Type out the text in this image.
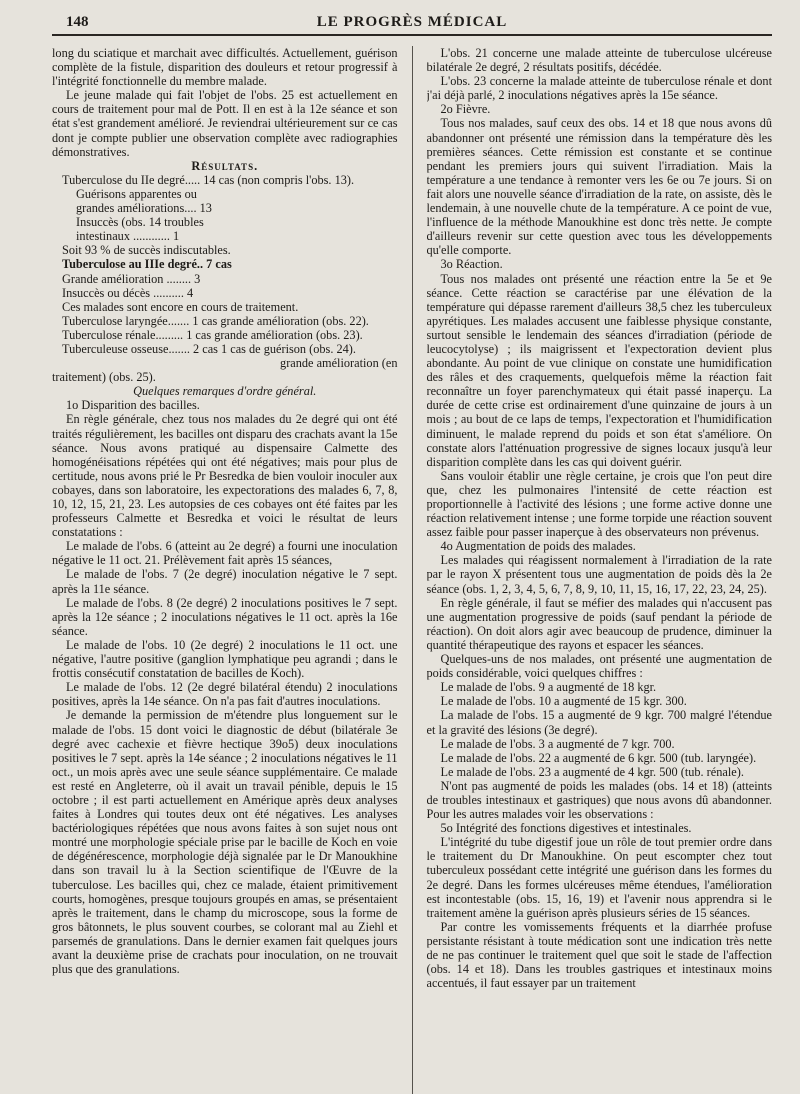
148	LE PROGRÈS MÉDICAL

long du sciatique et marchait avec difficultés. Actuellement, guérison complète de la fistule, disparition des douleurs et retour progressif à l'intégrité fonctionnelle du membre malade.

Le jeune malade qui fait l'objet de l'obs. 25 est actuellement en cours de traitement pour mal de Pott. Il en est à la 12e séance et son état s'est grandement amélioré. Je reviendrai ultérieurement sur ce cas dont je compte publier une observation complète avec radiographies démonstratives.

Résultats.

Tuberculose du IIe degré..... 14 cas (non compris l'obs. 13).

Guérisons apparentes ou

grandes améliorations.... 13

Insuccès (obs. 14 troubles

intestinaux ............ 1

Soit 93 % de succès indiscutables.

Tuberculose au IIIe degré.. 7 cas

Grande amélioration ........ 3

Insuccès ou décès .......... 4

Ces malades sont encore en cours de traitement.

Tuberculose laryngée....... 1 cas grande amélioration (obs. 22).

Tuberculose rénale......... 1 cas grande amélioration (obs. 23).

Tuberculeuse osseuse....... 2 cas 1 cas de guérison (obs. 24).

grande amélioration (en

traitement) (obs. 25).

Quelques remarques d'ordre général.

1o Disparition des bacilles.

En règle générale, chez tous nos malades du 2e degré qui ont été traités régulièrement, les bacilles ont disparu des crachats avant la 15e séance. Nous avons pratiqué au dispensaire Calmette des homogénéisations répétées qui ont été négatives; mais pour plus de certitude, nous avons prié le Pr Besredka de bien vouloir inoculer aux cobayes, dans son laboratoire, les expectorations des malades 6, 7, 8, 10, 12, 15, 21, 23. Les autopsies de ces cobayes ont été faites par les professeurs Calmette et Besredka et voici le résultat de leurs constatations :

Le malade de l'obs. 6 (atteint au 2e degré) a fourni une inoculation négative le 11 oct. 21. Prélèvement fait après 15 séances,

Le malade de l'obs. 7 (2e degré) inoculation négative le 7 sept. après la 11e séance.

Le malade de l'obs. 8 (2e degré) 2 inoculations positives le 7 sept. après la 12e séance ; 2 inoculations négatives le 11 oct. après la 16e séance.

Le malade de l'obs. 10 (2e degré) 2 inoculations le 11 oct. une négative, l'autre positive (ganglion lymphatique peu agrandi ; dans le frottis consécutif constatation de bacilles de Koch).

Le malade de l'obs. 12 (2e degré bilatéral étendu) 2 inoculations positives, après la 14e séance. On n'a pas fait d'autres inoculations.

Je demande la permission de m'étendre plus longuement sur le malade de l'obs. 15 dont voici le diagnostic de début (bilatérale 3e degré avec cachexie et fièvre hectique 39o5) deux inoculations positives le 7 sept. après la 14e séance ; 2 inoculations négatives le 11 oct., un mois après avec une seule séance supplémentaire. Ce malade est resté en Angleterre, où il avait un travail pénible, depuis le 15 octobre ; il est parti actuellement en Amérique après deux analyses faites à Londres qui toutes deux ont été négatives. Les analyses bactériologiques répétées que nous avons faites à son sujet nous ont montré une morphologie spéciale prise par le bacille de Koch en voie de dégénérescence, morphologie déjà signalée par le Dr Manoukhine dans son travail lu à la Section scientifique de l'Œuvre de la tuberculose. Les bacilles qui, chez ce malade, étaient primitivement courts, homogènes, presque toujours groupés en amas, se présentaient après le traitement, dans le champ du microscope, sous la forme de gros bâtonnets, le plus souvent courbes, se colorant mal au Ziehl et parsemés de granulations. Dans le dernier examen fait quelques jours avant la deuxième prise de crachats pour inoculation, on ne trouvait plus que des granulations.

L'obs. 21 concerne une malade atteinte de tuberculose ulcéreuse bilatérale 2e degré, 2 résultats positifs, décédée.

L'obs. 23 concerne la malade atteinte de tuberculose rénale et dont j'ai déjà parlé, 2 inoculations négatives après la 15e séance.

2o Fièvre.

Tous nos malades, sauf ceux des obs. 14 et 18 que nous avons dû abandonner ont présenté une rémission dans la température dès les premières séances. Cette rémission est constante et se continue pendant les premiers jours qui suivent l'irradiation. Mais la température a une tendance à remonter vers les 6e ou 7e jours. Si on fait alors une nouvelle séance d'irradiation de la rate, on assiste, dès le lendemain, à une nouvelle chute de la température. A ce point de vue, l'influence de la méthode Manoukhine est donc très nette. Je compte d'ailleurs revenir sur cette question avec tous les développements qu'elle comporte.

3o Réaction.

Tous nos malades ont présenté une réaction entre la 5e et 9e séance. Cette réaction se caractérise par une élévation de la température qui dépasse rarement d'ailleurs 38,5 chez les tuberculeux apyrétiques. Les malades accusent une faiblesse physique constante, surtout sensible le lendemain des séances d'irradiation (période de leucocytolyse) ; ils maigrissent et l'expectoration devient plus abondante. Au point de vue clinique on constate une humidification des râles et des craquements, quelquefois même la réaction fait reconnaître un foyer parenchymateux qui était passé inaperçu. La durée de cette crise est ordinairement d'une quinzaine de jours à un mois ; au bout de ce laps de temps, l'expectoration et l'humidification diminuent, le malade reprend du poids et son état s'améliore. On constate alors l'atténuation progressive de signes locaux jusqu'à leur disparition complète dans les cas qui doivent guérir.

Sans vouloir établir une règle certaine, je crois que l'on peut dire que, chez les pulmonaires l'intensité de cette réaction est proportionnelle à l'activité des lésions ; une forme active donne une réaction relativement intense ; une forme torpide une réaction souvent assez faible pour passer inaperçue à des observateurs non prévenus.

4o Augmentation de poids des malades.

Les malades qui réagissent normalement à l'irradiation de la rate par le rayon X présentent tous une augmentation de poids dès la 2e séance (obs. 1, 2, 3, 4, 5, 6, 7, 8, 9, 10, 11, 15, 16, 17, 22, 23, 24, 25).

En règle générale, il faut se méfier des malades qui n'accusent pas une augmentation progressive de poids (sauf pendant la période de réaction). On doit alors agir avec beaucoup de prudence, diminuer la quantité thérapeutique des rayons et espacer les séances.

Quelques-uns de nos malades, ont présenté une augmentation de poids considérable, voici quelques chiffres :

Le malade de l'obs. 9 a augmenté de 18 kgr.

Le malade de l'obs. 10 a augmenté de 15 kgr. 300.

La malade de l'obs. 15 a augmenté de 9 kgr. 700 malgré l'étendue et la gravité des lésions (3e degré).

Le malade de l'obs. 3 a augmenté de 7 kgr. 700.

Le malade de l'obs. 22 a augmenté de 6 kgr. 500 (tub. laryngée).

Le malade de l'obs. 23 a augmenté de 4 kgr. 500 (tub. rénale).

N'ont pas augmenté de poids les malades (obs. 14 et 18) (atteints de troubles intestinaux et gastriques) que nous avons dû abandonner. Pour les autres malades voir les observations :

5o Intégrité des fonctions digestives et intestinales.

L'intégrité du tube digestif joue un rôle de tout premier ordre dans le traitement du Dr Manoukhine. On peut escompter chez tout tuberculeux possédant cette intégrité une guérison dans les formes du 2e degré. Dans les formes ulcéreuses même étendues, l'amélioration est incontestable (obs. 15, 16, 19) et l'avenir nous apprendra si le traitement amène la guérison après plusieurs séries de 15 séances.

Par contre les vomissements fréquents et la diarrhée profuse persistante résistant à toute médication sont une indication très nette de ne pas continuer le traitement quel que soit le stade de l'affection (obs. 14 et 18). Dans les troubles gastriques et intestinaux moins accentués, il faut essayer par un traitement
